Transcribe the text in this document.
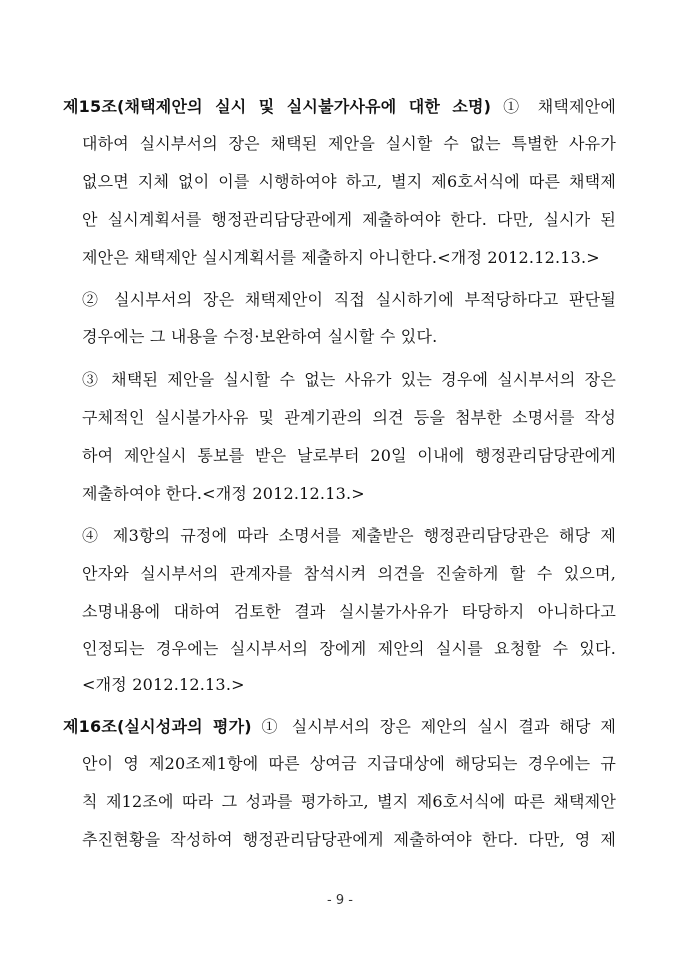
제15조(채택제안의 실시 및 실시불가사유에 대한 소명) ① 채택제안에
대하여 실시부서의 장은 채택된 제안을 실시할 수 없는 특별한 사유가
없으면 지체 없이 이를 시행하여야 하고, 별지 제6호서식에 따른 채택제
안 실시계획서를 행정관리담당관에게 제출하여야 한다. 다만, 실시가 된
제안은 채택제안 실시계획서를 제출하지 아니한다.<개정 2012.12.13.>
② 실시부서의 장은 채택제안이 직접 실시하기에 부적당하다고 판단될
경우에는 그 내용을 수정·보완하여 실시할 수 있다.
③ 채택된 제안을 실시할 수 없는 사유가 있는 경우에 실시부서의 장은
구체적인 실시불가사유 및 관계기관의 의견 등을 첨부한 소명서를 작성
하여 제안실시 통보를 받은 날로부터 20일 이내에 행정관리담당관에게
제출하여야 한다.<개정 2012.12.13.>
④ 제3항의 규정에 따라 소명서를 제출받은 행정관리담당관은 해당 제
안자와 실시부서의 관계자를 참석시켜 의견을 진술하게 할 수 있으며,
소명내용에 대하여 검토한 결과 실시불가사유가 타당하지 아니하다고
인정되는 경우에는 실시부서의 장에게 제안의 실시를 요청할 수 있다.
<개정 2012.12.13.>
제16조(실시성과의 평가) ① 실시부서의 장은 제안의 실시 결과 해당 제
안이 영 제20조제1항에 따른 상여금 지급대상에 해당되는 경우에는 규
칙 제12조에 따라 그 성과를 평가하고, 별지 제6호서식에 따른 채택제안
추진현황을 작성하여 행정관리담당관에게 제출하여야 한다. 다만, 영 제
- 9 -
